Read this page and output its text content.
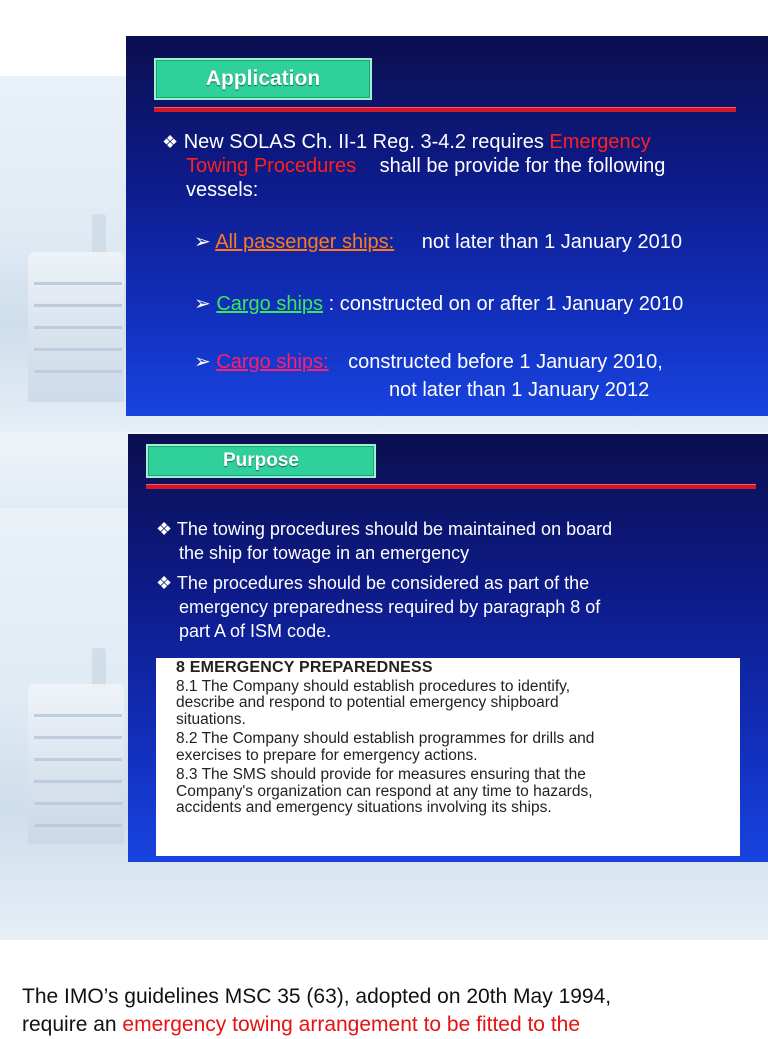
Application
❖ New SOLAS Ch. II-1 Reg. 3-4.2 requires Emergency
Towing Procedures shall be provide for the following
vessels:
➢ All passenger ships: not later than 1 January 2010
➢ Cargo ships : constructed on or after 1 January 2010
➢ Cargo ships: constructed before 1 January 2010,
not later than 1 January 2012
Purpose
❖ The towing procedures should be maintained on board
the ship for towage in an emergency
❖ The procedures should be considered as part of the
emergency preparedness required by paragraph 8 of
part A of ISM code.
8 EMERGENCY PREPAREDNESS
8.1 The Company should establish procedures to identify,
describe and respond to potential emergency shipboard
situations.
8.2 The Company should establish programmes for drills and
exercises to prepare for emergency actions.
8.3 The SMS should provide for measures ensuring that the
Company's organization can respond at any time to hazards,
accidents and emergency situations involving its ships.
The IMO’s guidelines MSC 35 (63), adopted on 20th May 1994,
require an emergency towing arrangement to be fitted to the
